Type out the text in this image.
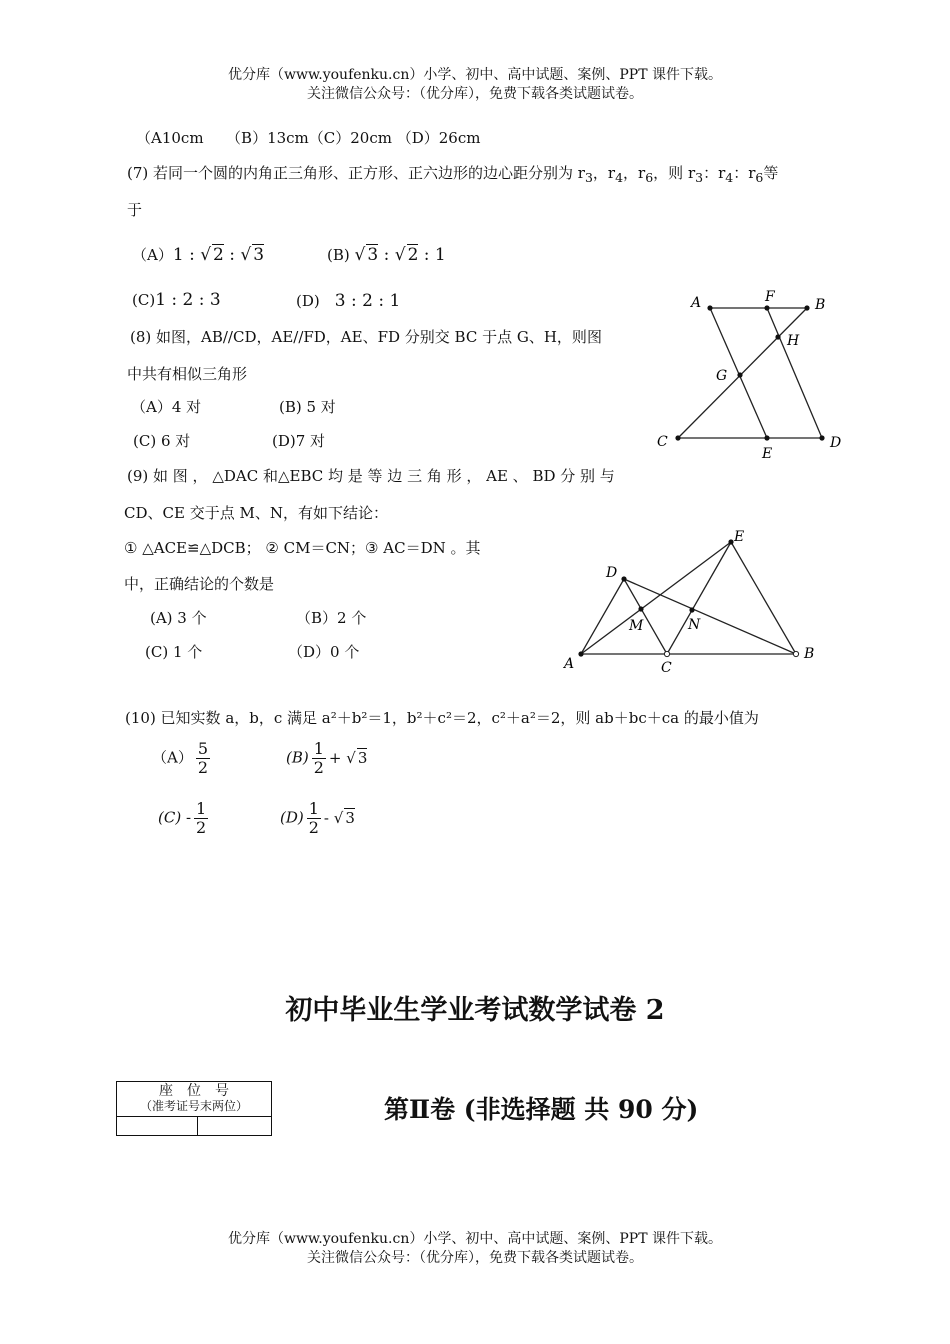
优分库（www.youfenku.cn）小学、初中、高中试题、案例、PPT 课件下载。
关注微信公众号：（优分库），免费下载各类试题试卷。
（A10cm　　（B）13cm（C）20cm （D）26cm
(7) 若同一个圆的内角正三角形、正方形、正六边形的边心距分别为 $r_3$，$r_4$，$r_6$，则 $r_3$：$r_4$：$r_6$等
于
（A）1 : √ 2 : √ 3	(B) √ 3 : √ 2 : 1
(C)1 : 2 : 3	(D)　 3 : 2 : 1
(8) 如图，AB//CD，AE//FD，AE、FD 分别交 BC 于点 G、H，则图
中共有相似三角形
（A）4 对	(B) 5 对
(C) 6 对	(D)7 对
A	F	B
H
G
C
E
D
(9) 如 图 ， △DAC 和△EBC 均 是 等 边 三 角 形 ， AE 、 BD 分 别 与
CD、CE 交于点 M、N，有如下结论：
① △ACE≌△DCB； ② CM＝CN；③ AC＝DN 。其
中，正确结论的个数是
(A) 3 个	（B）2 个
(C) 1 个	（D）0 个
D
E
M	N
A	C
B
(10) 已知实数 a，b，c 满足 a²＋b²＝1，b²＋c²＝2，c²＋a²＝2，则 ab＋bc＋ca 的最小值为
$(A) \frac{5}{2}$	$(B) \frac{1}{2}$ + √ 3
$(C) - \frac{1}{2}$	$(D) \frac{1}{2}$ - √ 3
初中毕业生学业考试数学试卷 2
座　位　号
（准考证号末两位）

		第Ⅱ卷 (非选择题 共 90 分)
优分库（www.youfenku.cn）小学、初中、高中试题、案例、PPT 课件下载。
关注微信公众号：（优分库），免费下载各类试题试卷。
